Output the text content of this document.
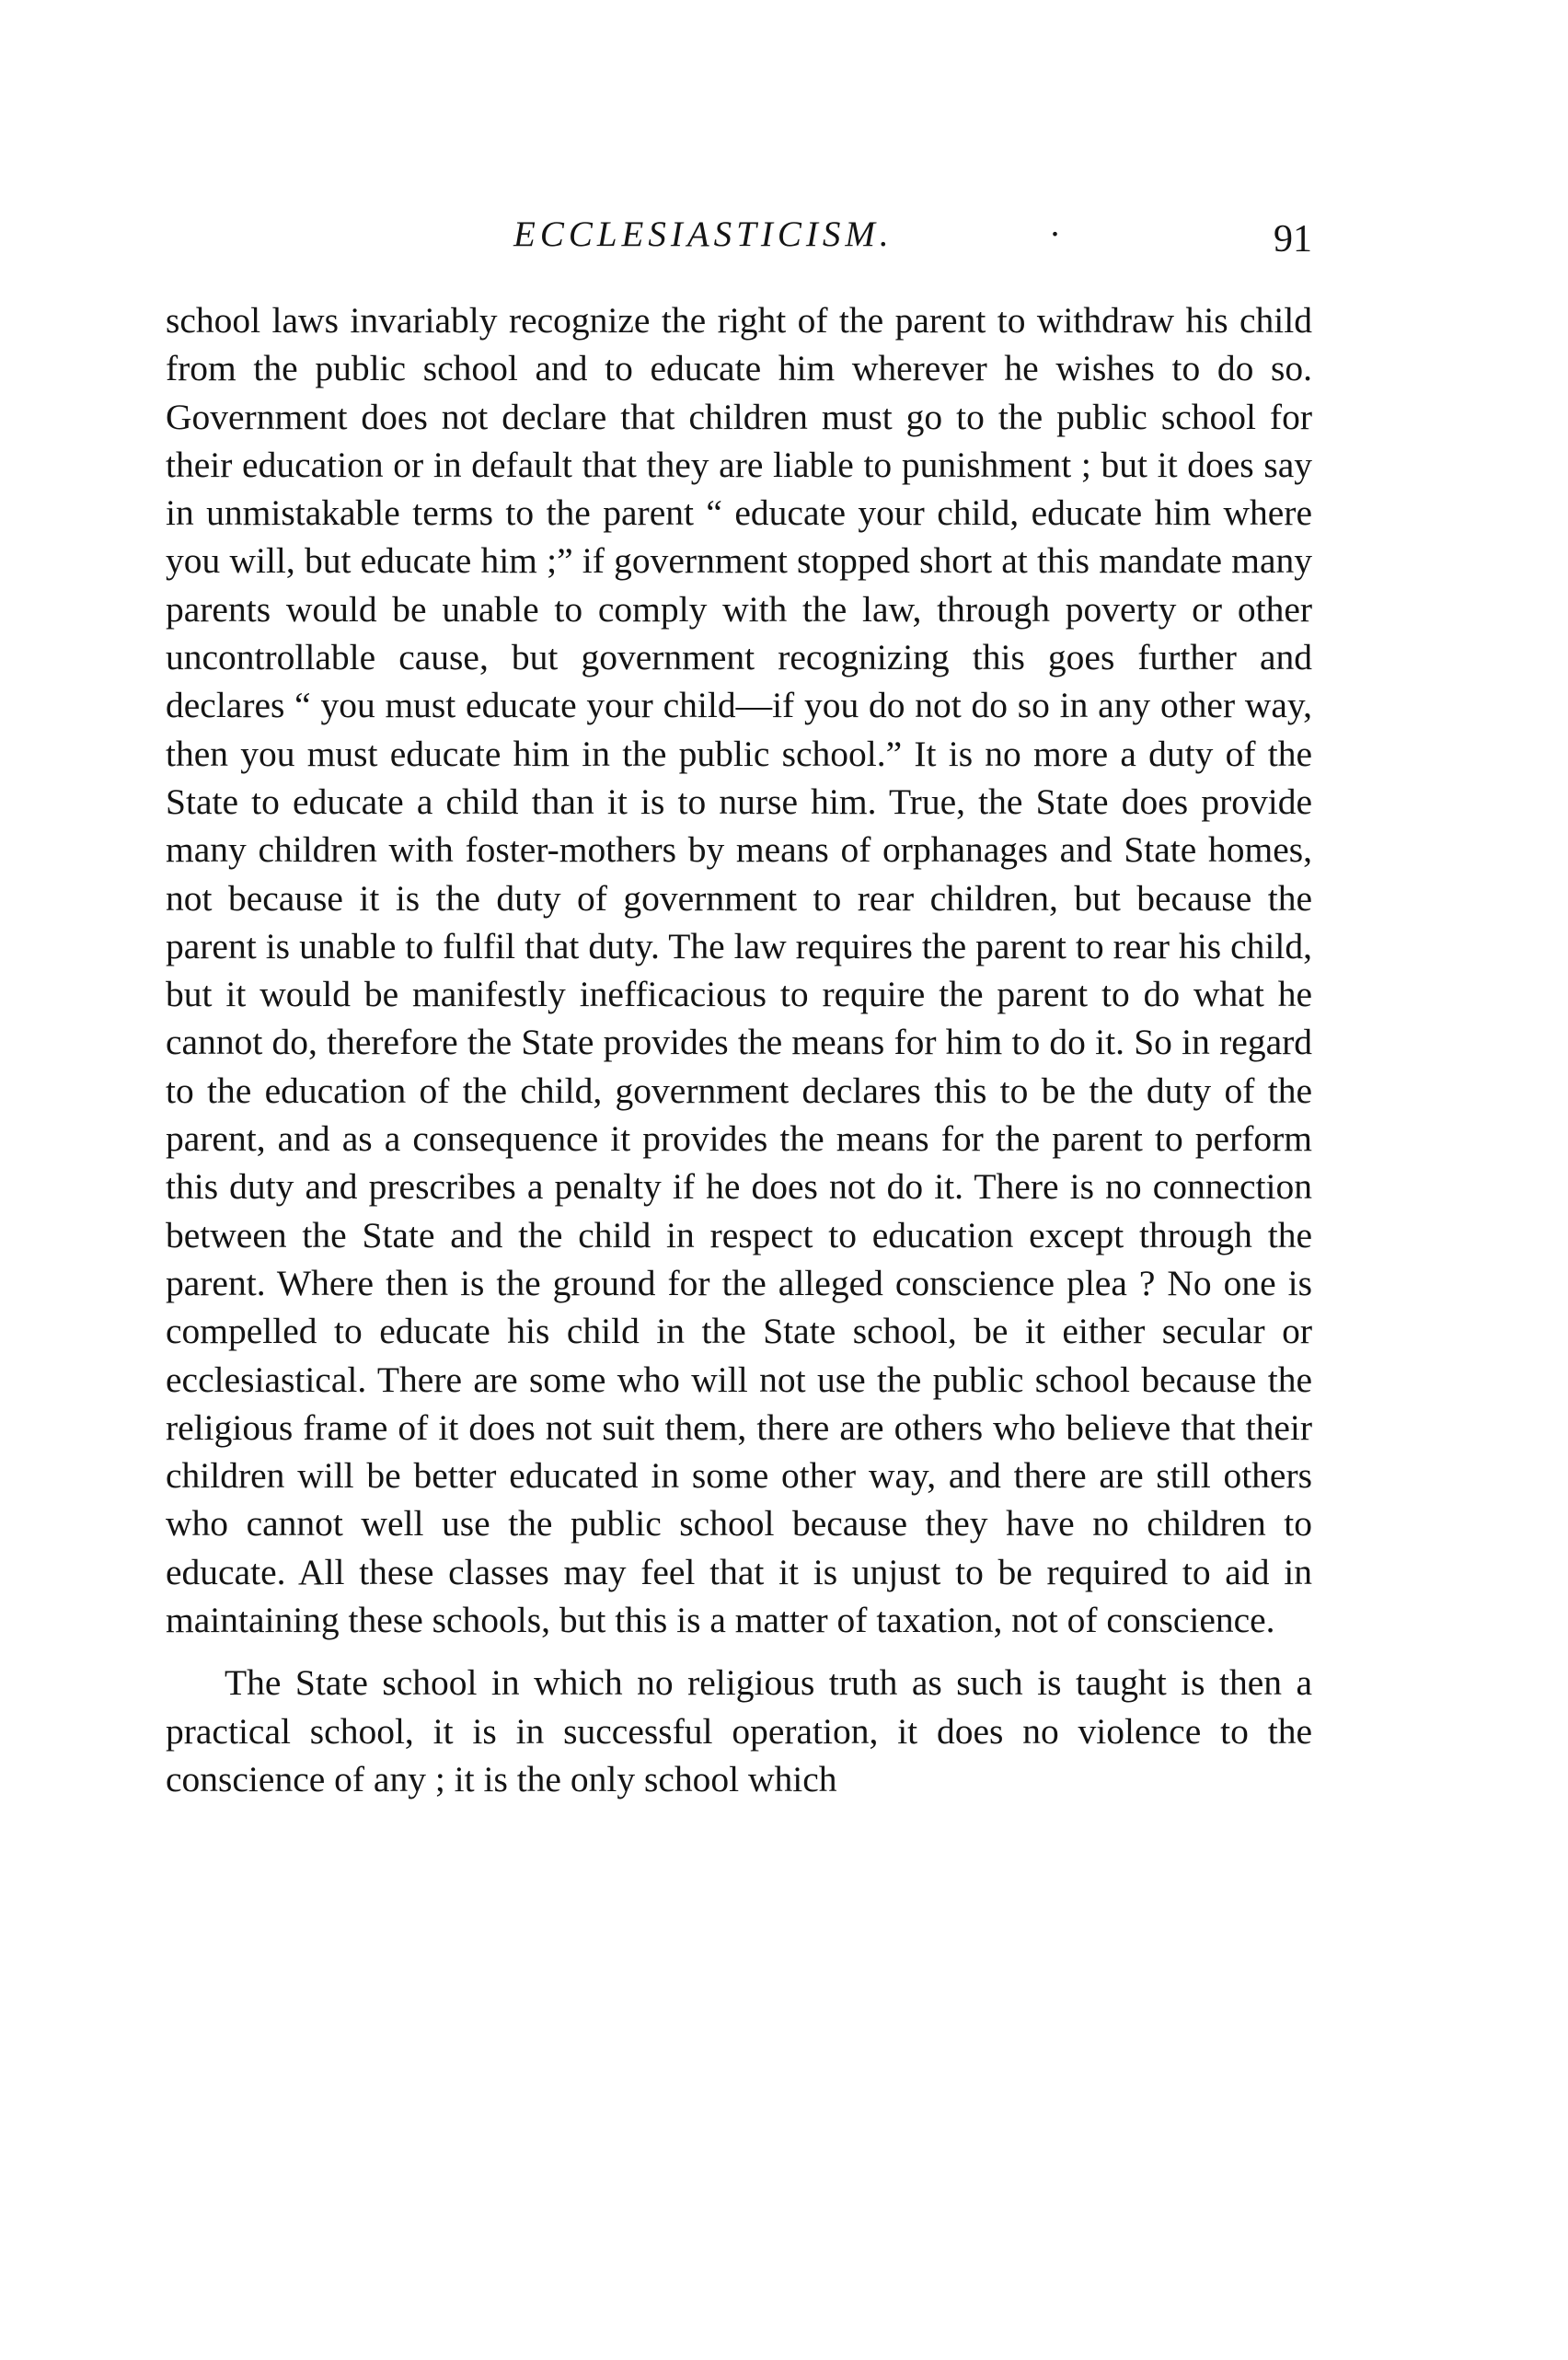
ECCLESIASTICISM.	·	91

school laws invariably recognize the right of the parent to withdraw his child from the public school and to educate him wherever he wishes to do so. Government does not declare that children must go to the public school for their education or in default that they are liable to punishment ; but it does say in unmistakable terms to the parent “ educate your child, educate him where you will, but educate him ;” if government stopped short at this mandate many parents would be unable to comply with the law, through poverty or other uncontrollable cause, but government recognizing this goes further and declares “ you must educate your child—if you do not do so in any other way, then you must educate him in the public school.” It is no more a duty of the State to educate a child than it is to nurse him. True, the State does provide many children with foster-mothers by means of orphanages and State homes, not because it is the duty of government to rear children, but because the parent is unable to fulfil that duty. The law requires the parent to rear his child, but it would be manifestly inefficacious to require the parent to do what he cannot do, therefore the State provides the means for him to do it. So in regard to the education of the child, government declares this to be the duty of the parent, and as a consequence it provides the means for the parent to perform this duty and prescribes a penalty if he does not do it. There is no connection between the State and the child in respect to education except through the parent. Where then is the ground for the alleged conscience plea ? No one is compelled to educate his child in the State school, be it either secular or ecclesiastical. There are some who will not use the public school because the religious frame of it does not suit them, there are others who believe that their children will be better educated in some other way, and there are still others who cannot well use the public school because they have no children to educate. All these classes may feel that it is unjust to be required to aid in maintaining these schools, but this is a matter of taxation, not of conscience.

The State school in which no religious truth as such is taught is then a practical school, it is in successful operation, it does no violence to the conscience of any ; it is the only school which
